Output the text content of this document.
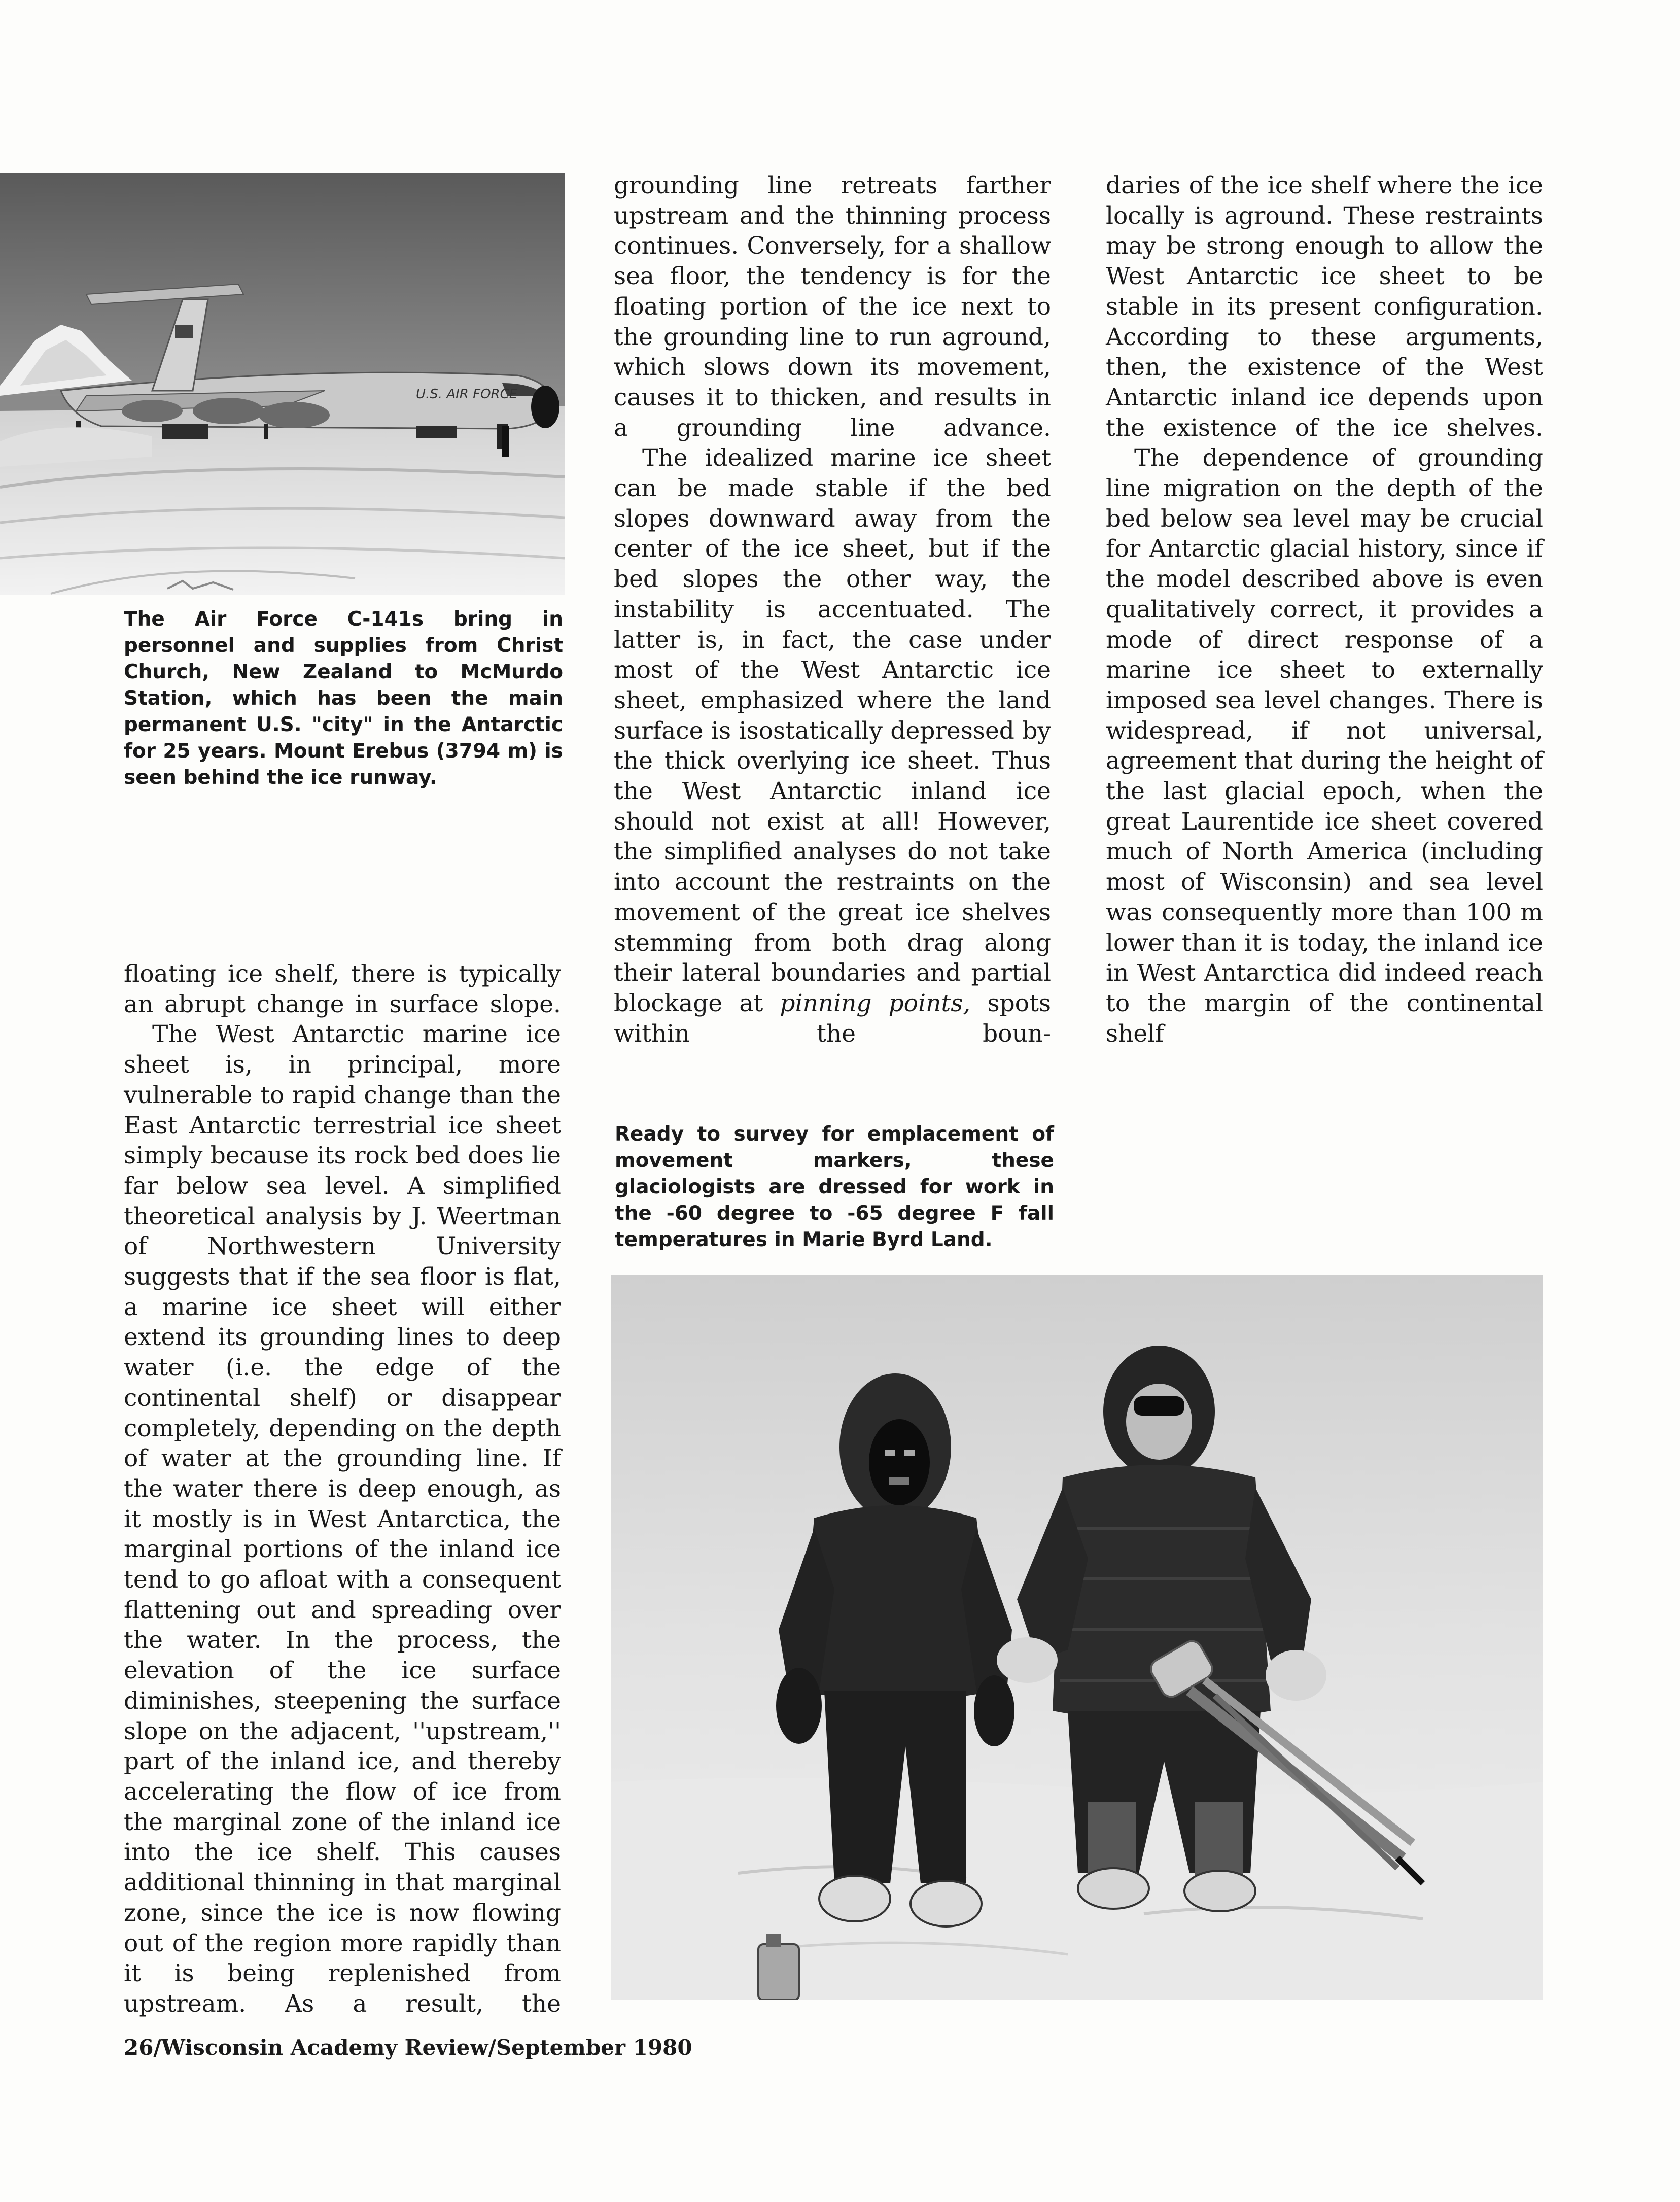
U.S. AIR FORCE
The Air Force C-141s bring in personnel and supplies from Christ Church, New Zealand to McMurdo Station, which has been the main permanent U.S. "city" in the Antarctic for 25 years. Mount Erebus (3794 m) is seen behind the ice runway.

floating ice shelf, there is typically an abrupt change in surface slope.

The West Antarctic marine ice sheet is, in principal, more vulnerable to rapid change than the East Antarctic terrestrial ice sheet simply because its rock bed does lie far below sea level. A simplified theoretical analysis by J. Weertman of Northwestern University suggests that if the sea floor is flat, a marine ice sheet will either extend its grounding lines to deep water (i.e. the edge of the continental shelf) or disappear completely, depending on the depth of water at the grounding line. If the water there is deep enough, as it mostly is in West Antarctica, the marginal portions of the inland ice tend to go afloat with a consequent flattening out and spreading over the water. In the process, the elevation of the ice surface diminishes, steepening the surface slope on the adjacent, ''upstream,'' part of the inland ice, and thereby accelerating the flow of ice from the marginal zone of the inland ice into the ice shelf. This causes additional thinning in that marginal zone, since the ice is now flowing out of the region more rapidly than it is being replenished from upstream. As a result, the

grounding line retreats farther upstream and the thinning process continues. Conversely, for a shallow sea floor, the tendency is for the floating portion of the ice next to the grounding line to run aground, which slows down its movement, causes it to thicken, and results in a grounding line advance.

The idealized marine ice sheet can be made stable if the bed slopes downward away from the center of the ice sheet, but if the bed slopes the other way, the instability is accentuated. The latter is, in fact, the case under most of the West Antarctic ice sheet, emphasized where the land surface is isostatically depressed by the thick overlying ice sheet. Thus the West Antarctic inland ice should not exist at all! However, the simplified analyses do not take into account the restraints on the movement of the great ice shelves stemming from both drag along their lateral boundaries and partial blockage at pinning points, spots within the boun-

daries of the ice shelf where the ice locally is aground. These restraints may be strong enough to allow the West Antarctic ice sheet to be stable in its present configuration. According to these arguments, then, the existence of the West Antarctic inland ice depends upon the existence of the ice shelves.

The dependence of grounding line migration on the depth of the bed below sea level may be crucial for Antarctic glacial history, since if the model described above is even qualitatively correct, it provides a mode of direct response of a marine ice sheet to externally imposed sea level changes. There is widespread, if not universal, agreement that during the height of the last glacial epoch, when the great Laurentide ice sheet covered much of North America (including most of Wisconsin) and sea level was consequently more than 100 m lower than it is today, the inland ice in West Antarctica did indeed reach to the margin of the continental shelf

Ready to survey for emplacement of movement markers, these glaciologists are dressed for work in the -60 degree to -65 degree F fall temperatures in Marie Byrd Land.
26/Wisconsin Academy Review/September 1980
